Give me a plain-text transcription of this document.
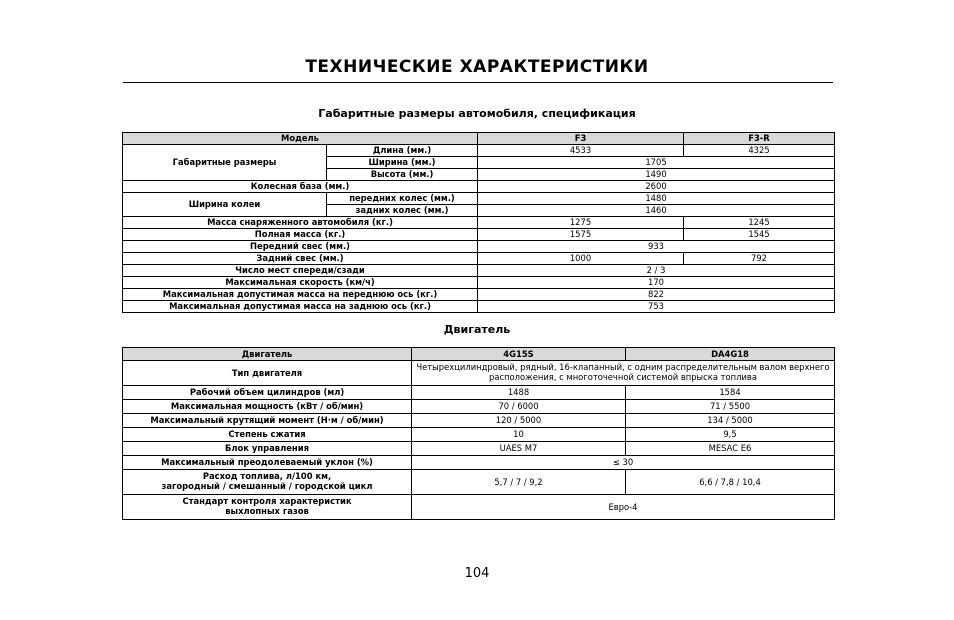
ТЕХНИЧЕСКИЕ ХАРАКТЕРИСТИКИ
Габаритные размеры автомобиля, спецификация
Модель		F3	F3-R
Габаритные размеры	Длина (мм.)	4533	4325
	Ширина (мм.)	1705	
	Высота (мм.)	1490	
Колесная база (мм.)		2600	
Ширина колеи	передних колес (мм.)	1480	
	задних колес (мм.)	1460	
Масса снаряженного автомобиля (кг.)		1275	1245
Полная масса (кг.)		1575	1545
Передний свес (мм.)		933	
Задний свес (мм.)		1000	792
Число мест спереди/сзади		2 / 3	
Максимальная скорость (км/ч)		170	
Максимальная допустимая масса на переднюю ось (кг.)		822	
Максимальная допустимая масса на заднюю ось (кг.)		753	
Двигатель
Двигатель	4G15S	DA4G18
Тип двигателя	Четырехцилиндровый, рядный, 16-клапанный, с одним распределительным валом верхнего расположения, с многоточечной системой впрыска топлива	
Рабочий объем цилиндров (мл)	1488	1584
Максимальная мощность (кВт / об/мин)	70 / 6000	71 / 5500
Максимальный крутящий момент (Н·м / об/мин)	120 / 5000	134 / 5000
Степень сжатия	10	9,5
Блок управления	UAES M7	MESAC E6
Максимальный преодолеваемый уклон (%)	≤ 30	
Расход топлива, л/100 км,
загородный / смешанный / городской цикл	5,7 / 7 / 9,2	6,6 / 7,8 / 10,4
Стандарт контроля характеристик
выхлопных газов	Евро-4	

104
